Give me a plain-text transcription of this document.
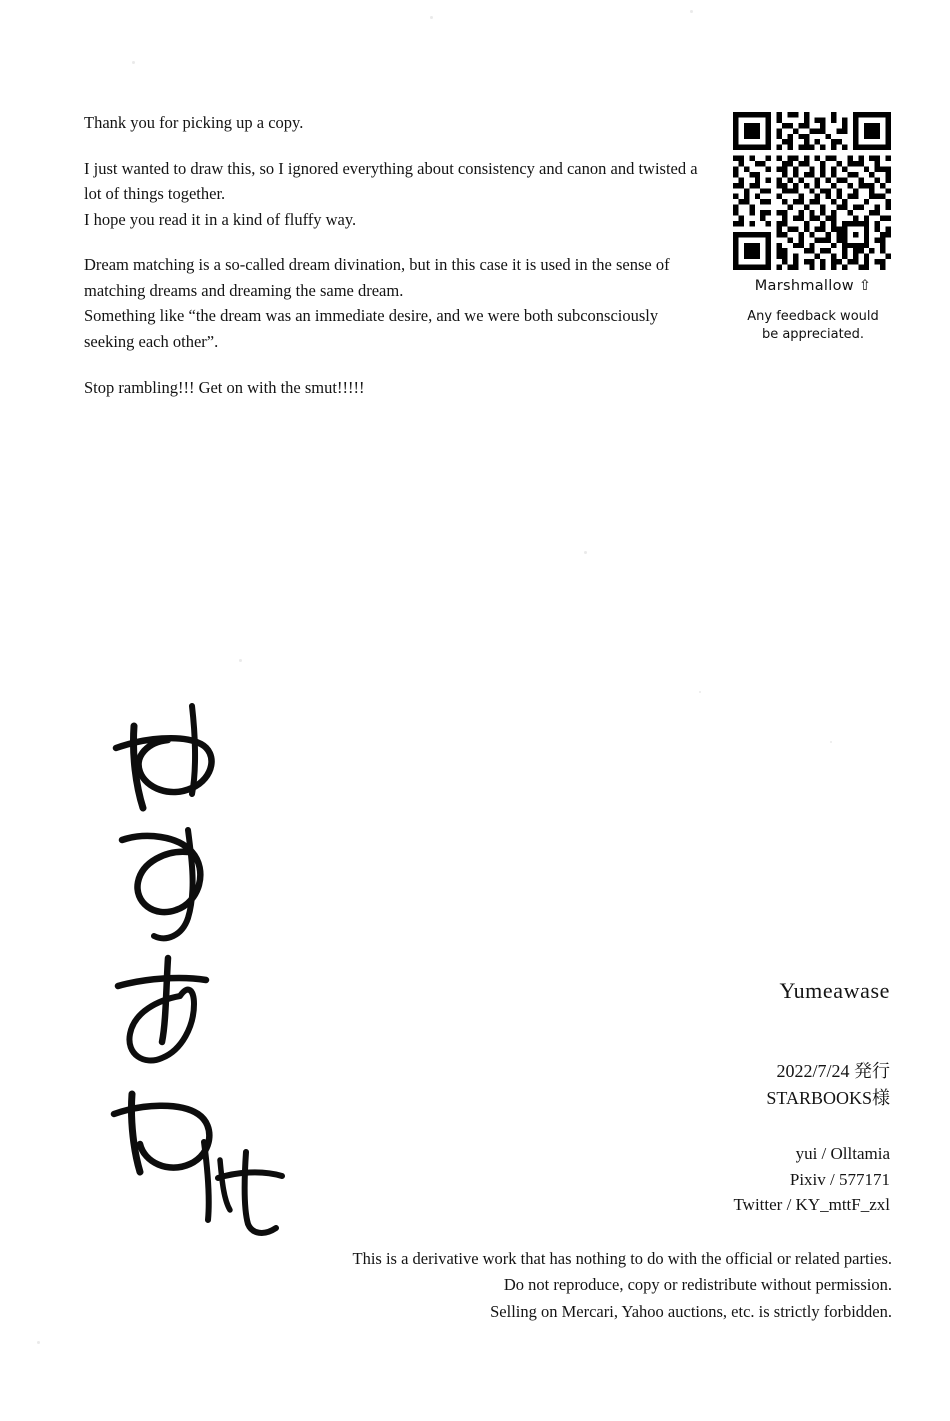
Thank you for picking up a copy.

I just wanted to draw this, so I ignored everything about consistency and canon and twisted a lot of things together.
I hope you read it in a kind of fluffy way.

Dream matching is a so-called dream divination, but in this case it is used in the sense of matching dreams and dreaming the same dream.
Something like “the dream was an immediate desire, and we were both subconsciously seeking each other”.

Stop rambling!!! Get on with the smut!!!!!

Marshmallow ⇧
Any feedback would
be appreciated.
Yumeawase
2022/7/24 発行
STARBOOKS様
yui / Olltamia
Pixiv / 577171
Twitter / KY_mttF_zxl
This is a derivative work that has nothing to do with the official or related parties.
Do not reproduce, copy or redistribute without permission.
Selling on Mercari, Yahoo auctions, etc. is strictly forbidden.
